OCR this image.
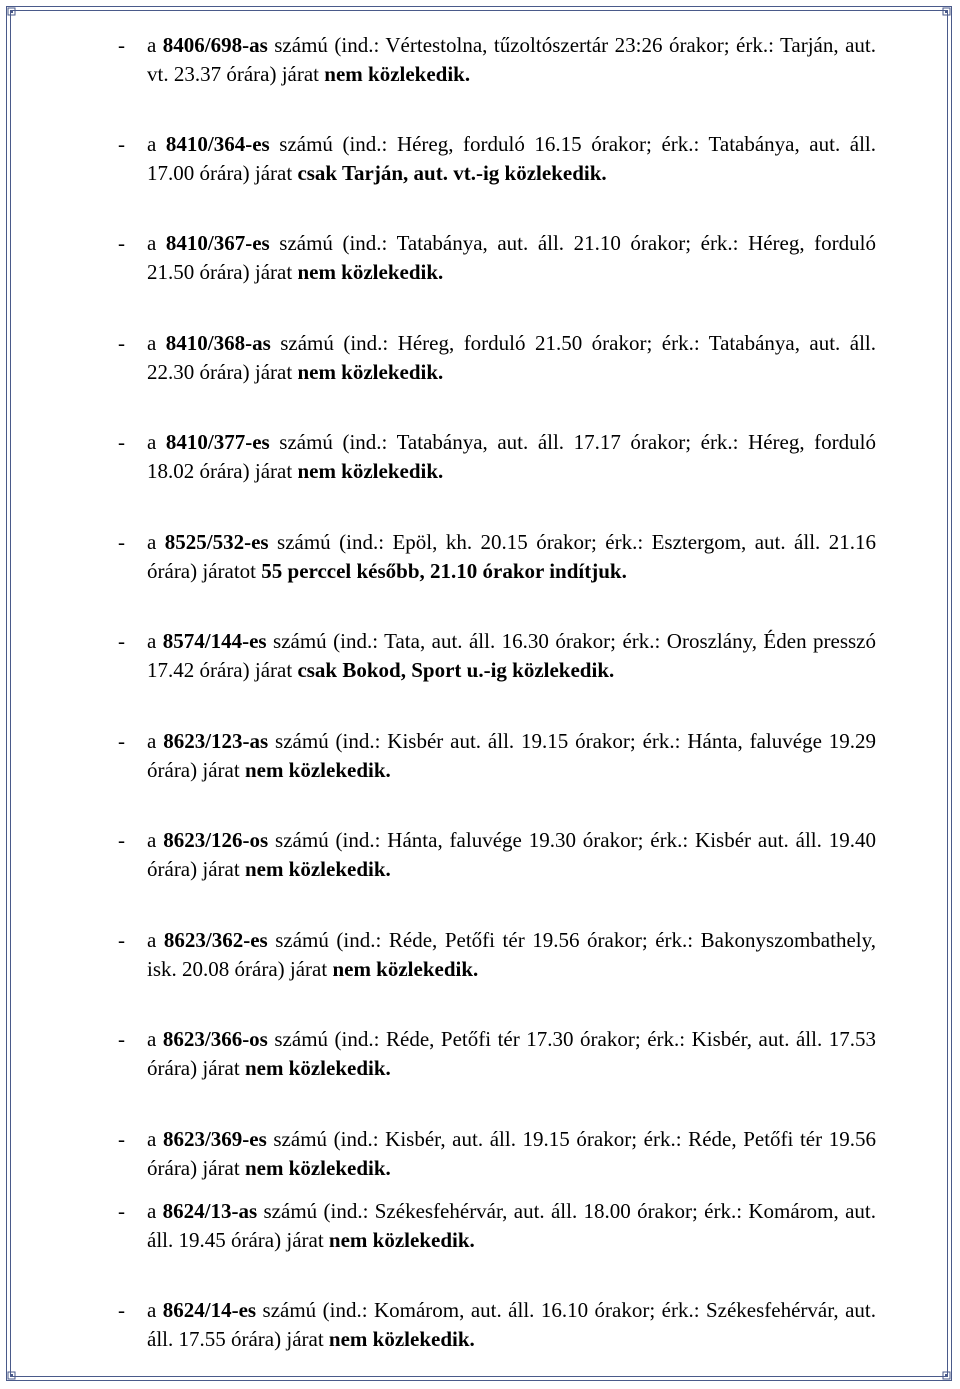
- a 8406/698-as számú (ind.: Vértestolna, tűzoltószertár 23:26 órakor; érk.: Tarján, aut. vt. 23.37 órára) járat nem közlekedik.
- a 8410/364-es számú (ind.: Héreg, forduló 16.15 órakor; érk.: Tatabánya, aut. áll. 17.00 órára) járat csak Tarján, aut. vt.-ig közlekedik.
- a 8410/367-es számú (ind.: Tatabánya, aut. áll. 21.10 órakor; érk.: Héreg, forduló 21.50 órára) járat nem közlekedik.
- a 8410/368-as számú (ind.: Héreg, forduló 21.50 órakor; érk.: Tatabánya, aut. áll. 22.30 órára) járat nem közlekedik.
- a 8410/377-es számú (ind.: Tatabánya, aut. áll. 17.17 órakor; érk.: Héreg, forduló 18.02 órára) járat nem közlekedik.
- a 8525/532-es számú (ind.: Epöl, kh. 20.15 órakor; érk.: Esztergom, aut. áll. 21.16 órára) járatot 55 perccel később, 21.10 órakor indítjuk.
- a 8574/144-es számú (ind.: Tata, aut. áll. 16.30 órakor; érk.: Oroszlány, Éden presszó 17.42 órára) járat csak Bokod, Sport u.-ig közlekedik.
- a 8623/123-as számú (ind.: Kisbér aut. áll. 19.15 órakor; érk.: Hánta, faluvége 19.29 órára) járat nem közlekedik.
- a 8623/126-os számú (ind.: Hánta, faluvége 19.30 órakor; érk.: Kisbér aut. áll. 19.40 órára) járat nem közlekedik.
- a 8623/362-es számú (ind.: Réde, Petőfi tér 19.56 órakor; érk.: Bakonyszombathely, isk. 20.08 órára) járat nem közlekedik.
- a 8623/366-os számú (ind.: Réde, Petőfi tér 17.30 órakor; érk.: Kisbér, aut. áll. 17.53 órára) járat nem közlekedik.
- a 8623/369-es számú (ind.: Kisbér, aut. áll. 19.15 órakor; érk.: Réde, Petőfi tér 19.56 órára) járat nem közlekedik.
- a 8624/13-as számú (ind.: Székesfehérvár, aut. áll. 18.00 órakor; érk.: Komárom, aut. áll. 19.45 órára) járat nem közlekedik.
- a 8624/14-es számú (ind.: Komárom, aut. áll. 16.10 órakor; érk.: Székesfehérvár, aut. áll. 17.55 órára) járat nem közlekedik.
